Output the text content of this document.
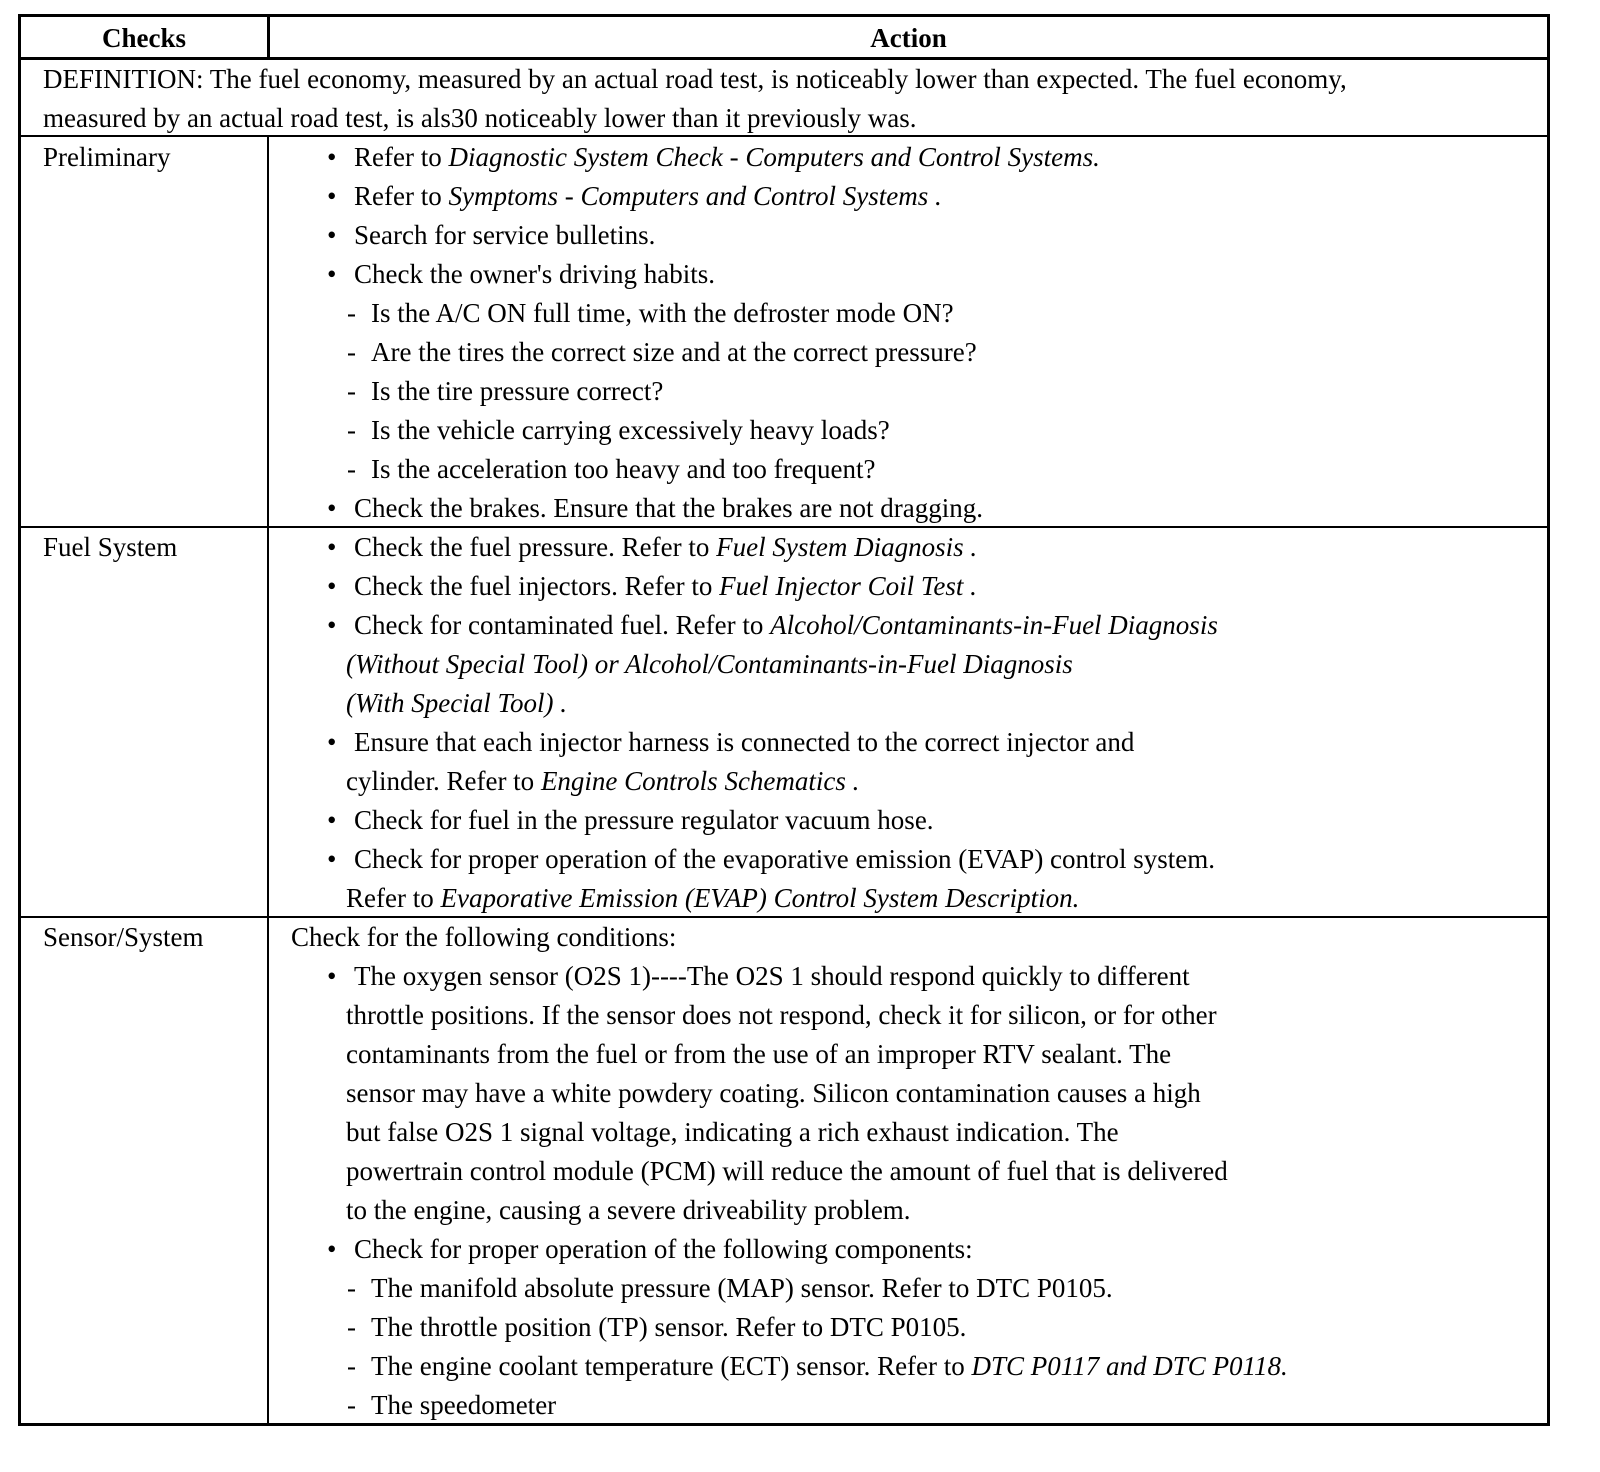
Checks	Action
DEFINITION: The fuel economy, measured by an actual road test, is noticeably lower than expected. The fuel economy,
measured by an actual road test, is als30 noticeably lower than it previously was.
Preliminary	• Refer to Diagnostic System Check - Computers and Control Systems.
• Refer to Symptoms - Computers and Control Systems .
• Search for service bulletins.
• Check the owner's driving habits.
- Is the A/C ON full time, with the defroster mode ON?
- Are the tires the correct size and at the correct pressure?
- Is the tire pressure correct?
- Is the vehicle carrying excessively heavy loads?
- Is the acceleration too heavy and too frequent?
• Check the brakes. Ensure that the brakes are not dragging.
Fuel System	• Check the fuel pressure. Refer to Fuel System Diagnosis .
• Check the fuel injectors. Refer to Fuel Injector Coil Test .
• Check for contaminated fuel. Refer to Alcohol/Contaminants-in-Fuel Diagnosis
(Without Special Tool) or Alcohol/Contaminants-in-Fuel Diagnosis
(With Special Tool) .
• Ensure that each injector harness is connected to the correct injector and
cylinder. Refer to Engine Controls Schematics .
• Check for fuel in the pressure regulator vacuum hose.
• Check for proper operation of the evaporative emission (EVAP) control system.
Refer to Evaporative Emission (EVAP) Control System Description.
Sensor/System	Check for the following conditions:
• The oxygen sensor (O2S 1)----The O2S 1 should respond quickly to different
throttle positions. If the sensor does not respond, check it for silicon, or for other
contaminants from the fuel or from the use of an improper RTV sealant. The
sensor may have a white powdery coating. Silicon contamination causes a high
but false O2S 1 signal voltage, indicating a rich exhaust indication. The
powertrain control module (PCM) will reduce the amount of fuel that is delivered
to the engine, causing a severe driveability problem.
• Check for proper operation of the following components:
- The manifold absolute pressure (MAP) sensor. Refer to DTC P0105.
- The throttle position (TP) sensor. Refer to DTC P0105.
- The engine coolant temperature (ECT) sensor. Refer to DTC P0117 and DTC P0118.
- The speedometer
